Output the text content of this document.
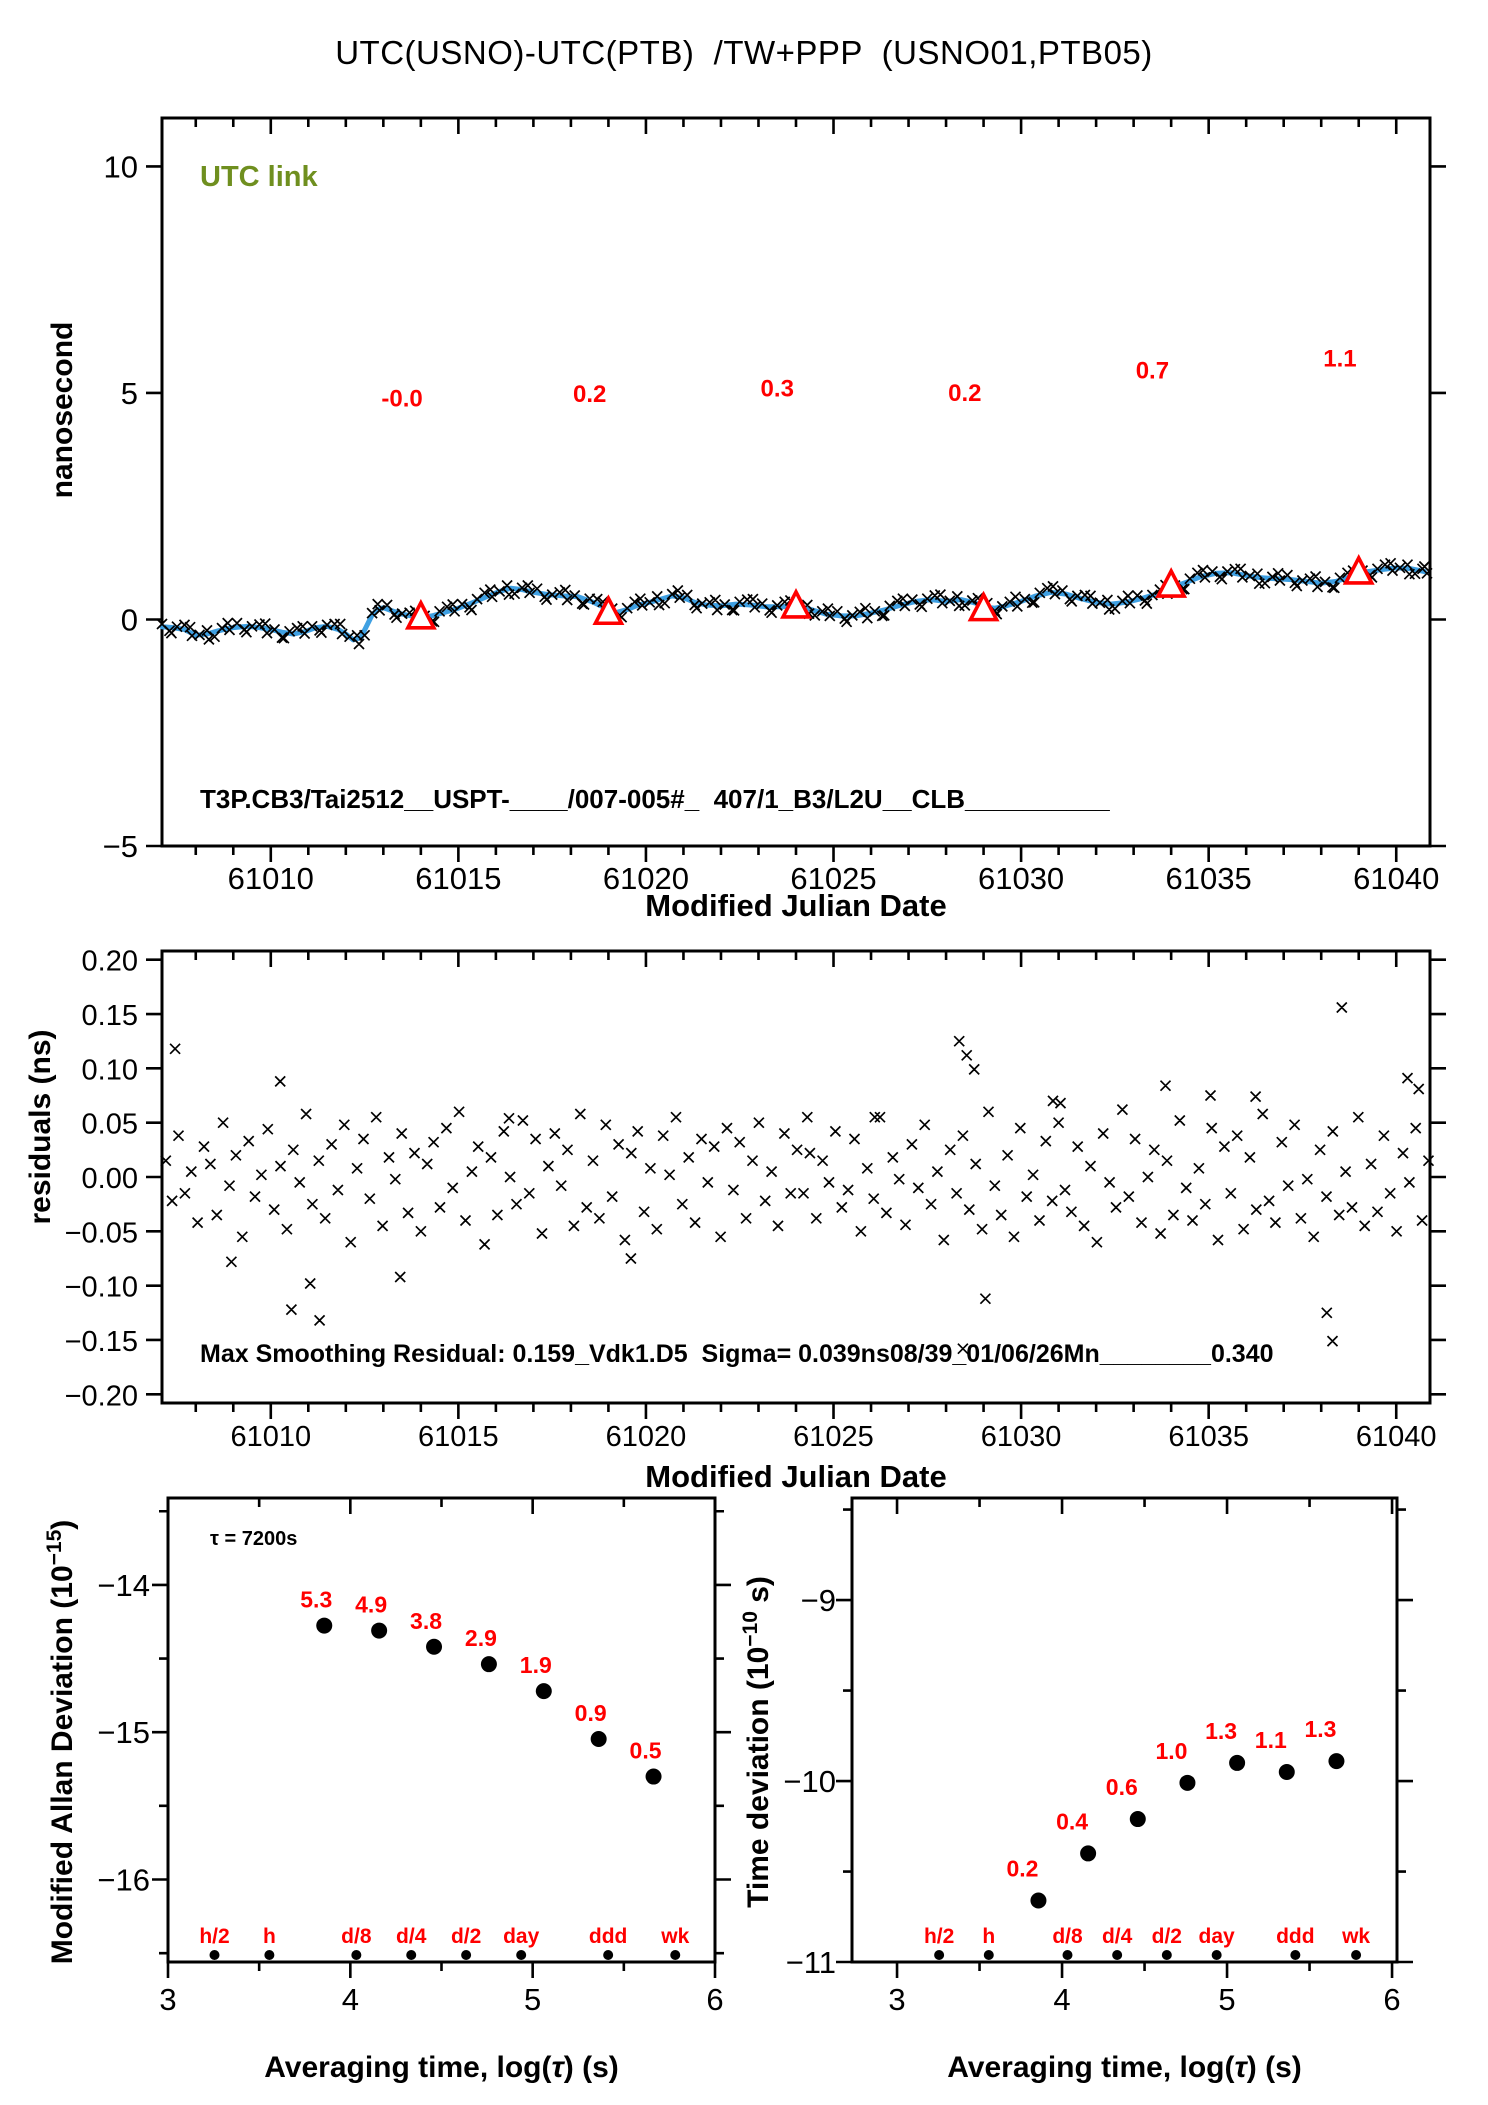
UTC(USNO)-UTC(PTB)  /TW+PPP  (USNO01,PTB05)
61010	61015	61020	61025	61030	61035	61040
10
5
0
−5
Modified Julian Date
nanosecond
UTC link
T3P.CB3/Tai2512__USPT-____/007-005#_  407/1_B3/L2U__CLB__________
-0.0	0.2	0.3	0.2
0.7	1.1
61010	61015	61020	61025	61030	61035	61040
0.20
0.15
0.10
0.05
0.00
−0.05
−0.10
−0.15
−0.20
Modified Julian Date
residuals (ns)
Max Smoothing Residual: 0.159_Vdk1.D5  Sigma= 0.039ns08/39_01/06/26Mn________0.340
3	4	5	6
−14
−15
−16
Averaging time, log(τ) (s)
Modified Allan Deviation $(10^{-15})$
τ = 7200s
5.3 4.9
3.8
2.9
1.9
0.9
0.5
h/2 h	d/8 d/4 d/2 day ddd wk
3	4	5	6
−9
−10
−11
Averaging time, log(τ) (s)
Time deviation ($10^{-10}$ s)
0.2
0.4
0.6
1.0
1.3 1.1 1.3
h/2 h	d/8 d/4 d/2 day ddd wk
